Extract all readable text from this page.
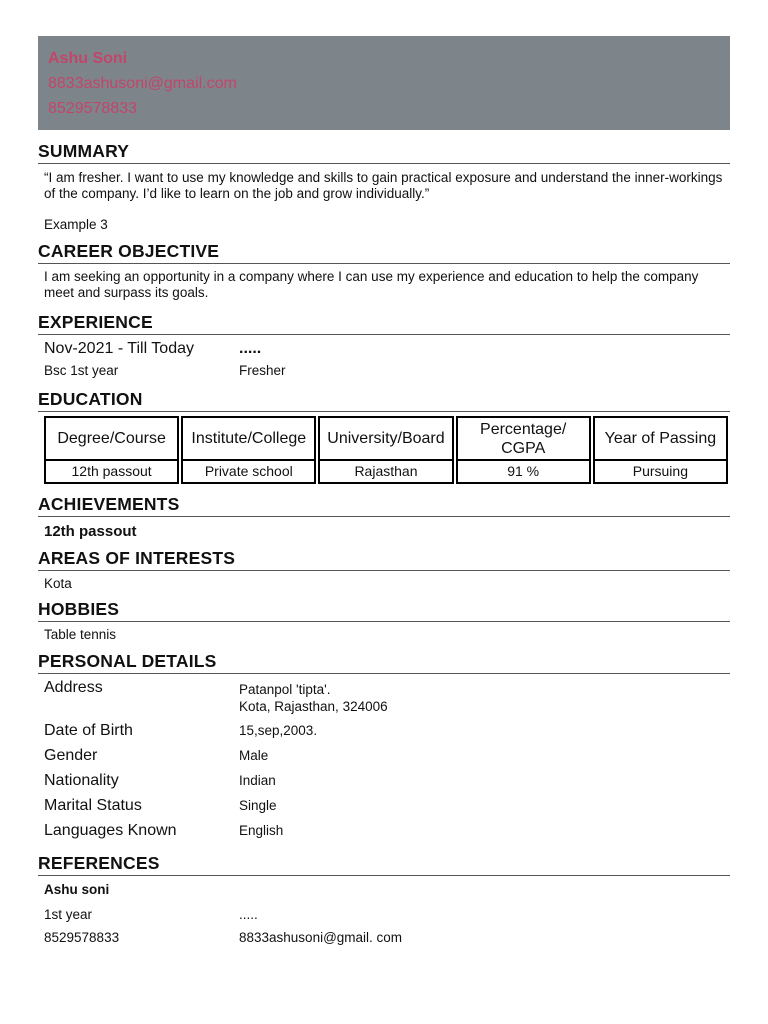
Ashu Soni
8833ashusoni@gmail.com
8529578833
SUMMARY
“I am fresher. I want to use my knowledge and skills to gain practical exposure and understand the inner-workings of the company. I’d like to learn on the job and grow individually.”
Example 3
CAREER OBJECTIVE
I am seeking an opportunity in a company where I can use my experience and education to help the company meet and surpass its goals.
EXPERIENCE
Nov-2021 - Till Today	.....
Bsc 1st year	Fresher
EDUCATION
Degree/Course	Institute/College	University/Board	Percentage/ CGPA	Year of Passing
12th passout	Private school	Rajasthan	91 %	Pursuing
ACHIEVEMENTS
12th passout
AREAS OF INTERESTS
Kota
HOBBIES
Table tennis
PERSONAL DETAILS
Address	Patanpol 'tipta'.
Kota, Rajasthan, 324006
Date of Birth	15,sep,2003.
Gender	Male
Nationality	Indian
Marital Status	Single
Languages Known	English
REFERENCES
Ashu soni
1st year	.....
8529578833	8833ashusoni@gmail. com
